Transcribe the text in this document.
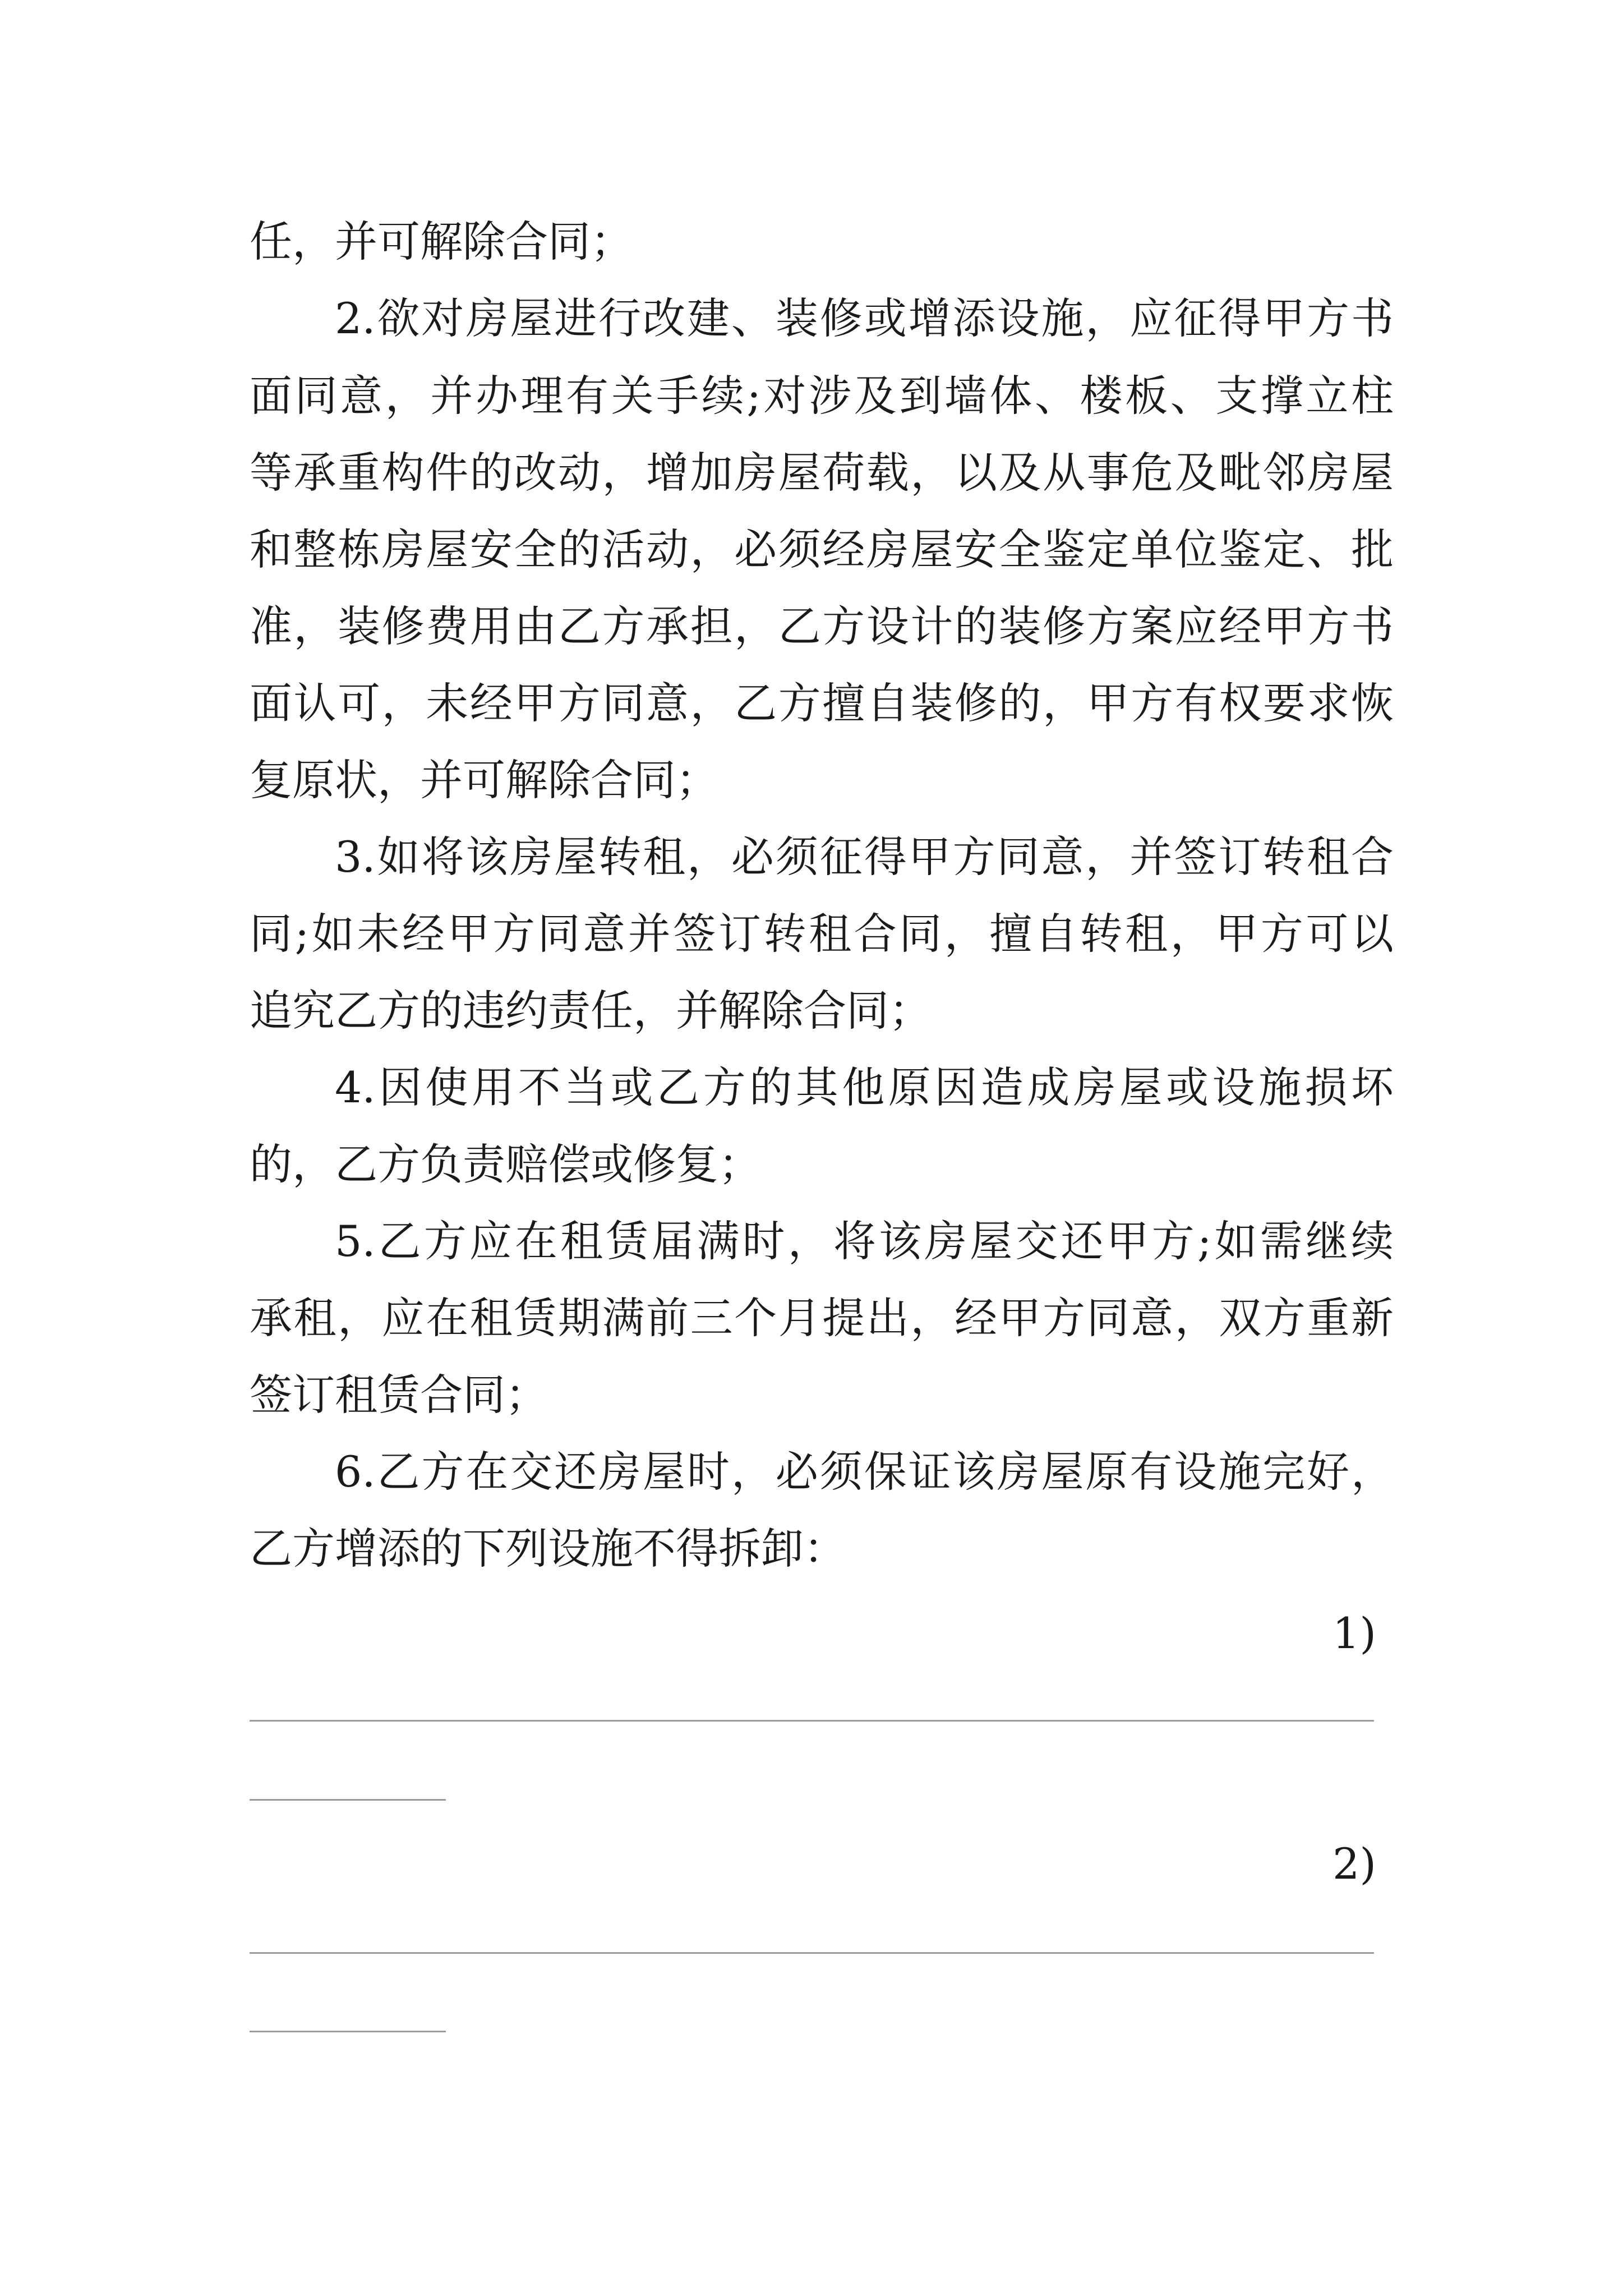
任，并可解除合同；
2.欲对房屋进行改建、装修或增添设施，应征得甲方书
面同意，并办理有关手续;对涉及到墙体、楼板、支撑立柱
等承重构件的改动，增加房屋荷载，以及从事危及毗邻房屋
和整栋房屋安全的活动，必须经房屋安全鉴定单位鉴定、批
准，装修费用由乙方承担，乙方设计的装修方案应经甲方书
面认可，未经甲方同意，乙方擅自装修的，甲方有权要求恢
复原状，并可解除合同；
3.如将该房屋转租，必须征得甲方同意，并签订转租合
同;如未经甲方同意并签订转租合同，擅自转租，甲方可以
追究乙方的违约责任，并解除合同；
4.因使用不当或乙方的其他原因造成房屋或设施损坏
的，乙方负责赔偿或修复；
5.乙方应在租赁届满时，将该房屋交还甲方;如需继续
承租，应在租赁期满前三个月提出，经甲方同意，双方重新
签订租赁合同；
6.乙方在交还房屋时，必须保证该房屋原有设施完好，
乙方增添的下列设施不得拆卸：
1)
2)
